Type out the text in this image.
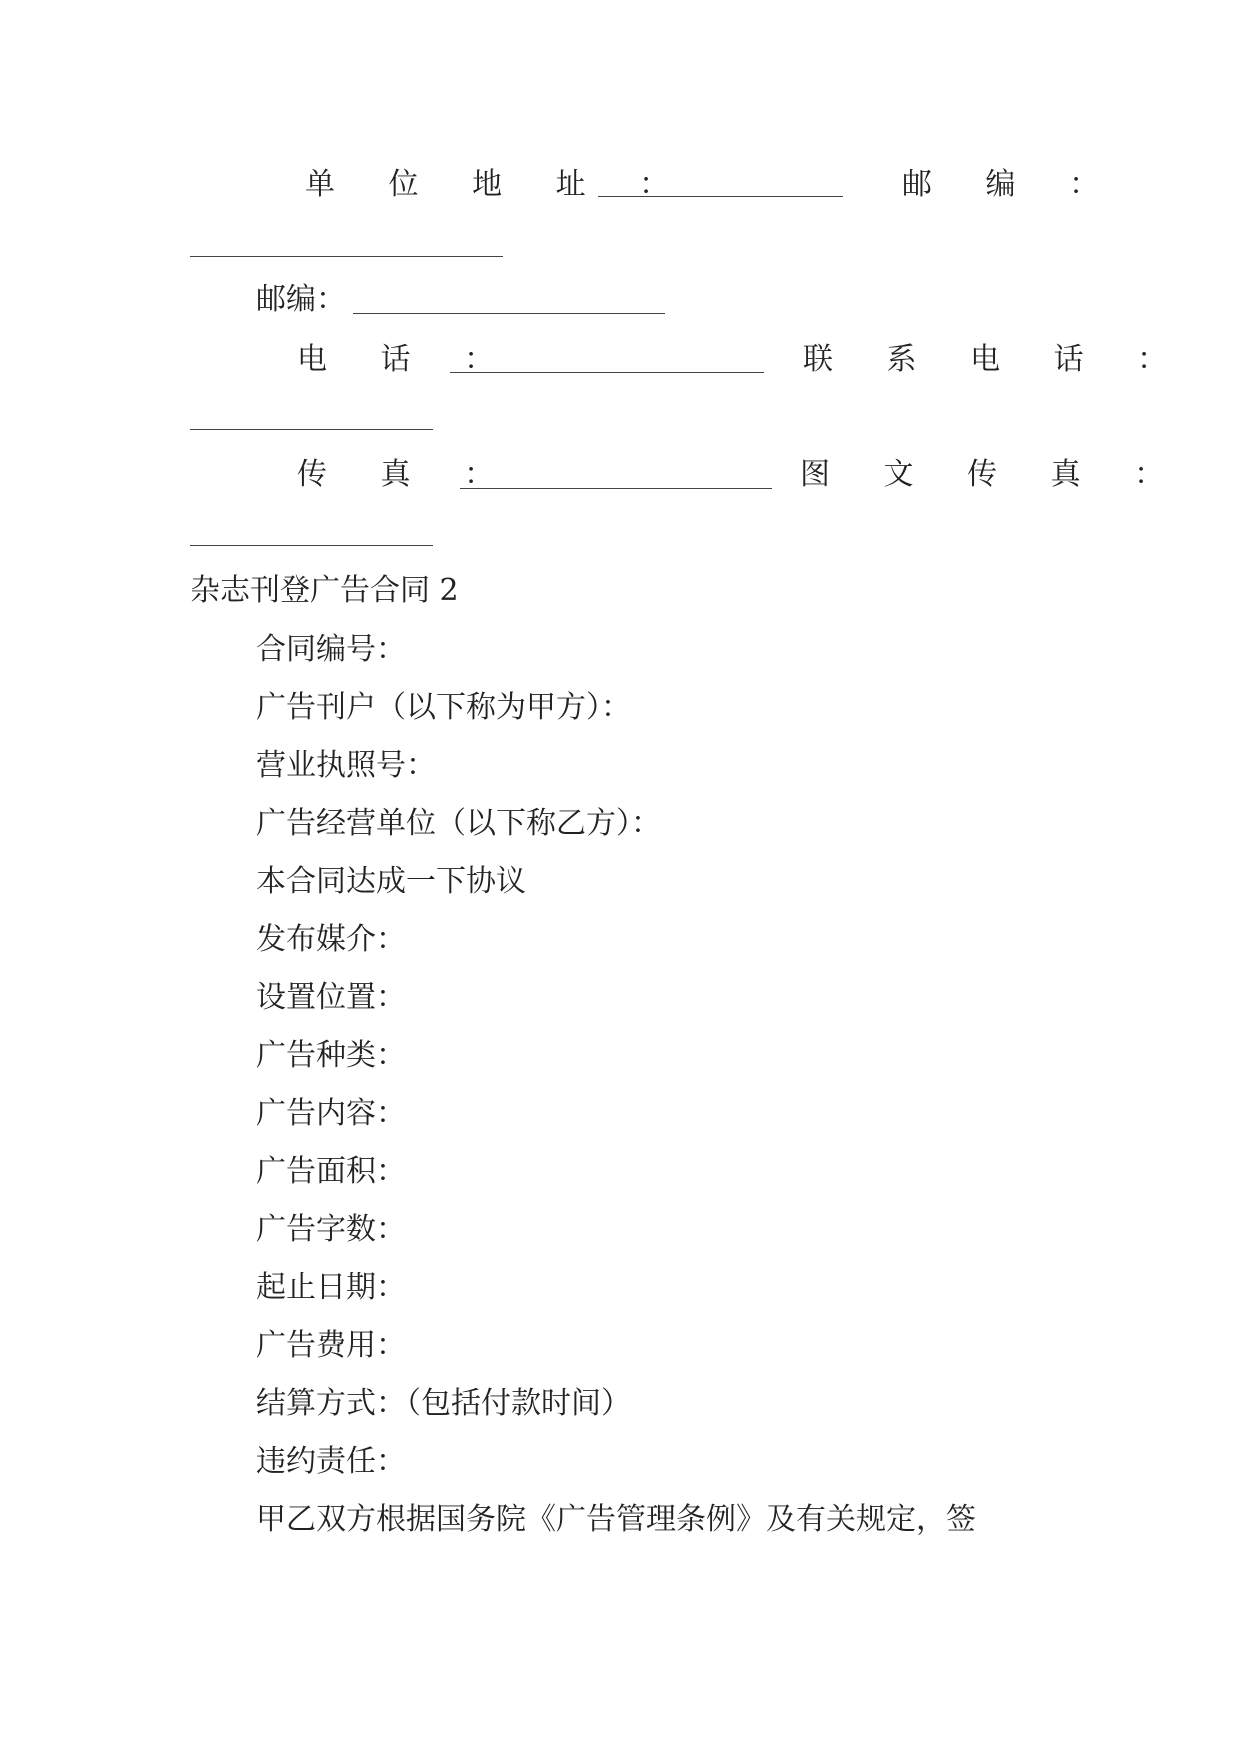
单 位 地 址 ：	邮 编 ：
邮编：
电 话 ：	联 系 电 话 ：
传 真 ：	图 文 传 真 ：
杂志刊登广告合同 2
合同编号：
广告刊户（以下称为甲方）：
营业执照号：
广告经营单位（以下称乙方）：
本合同达成一下协议
发布媒介：
设置位置：
广告种类：
广告内容：
广告面积：
广告字数：
起止日期：
广告费用：
结算方式：（包括付款时间）
违约责任：
甲乙双方根据国务院《广告管理条例》及有关规定，签
